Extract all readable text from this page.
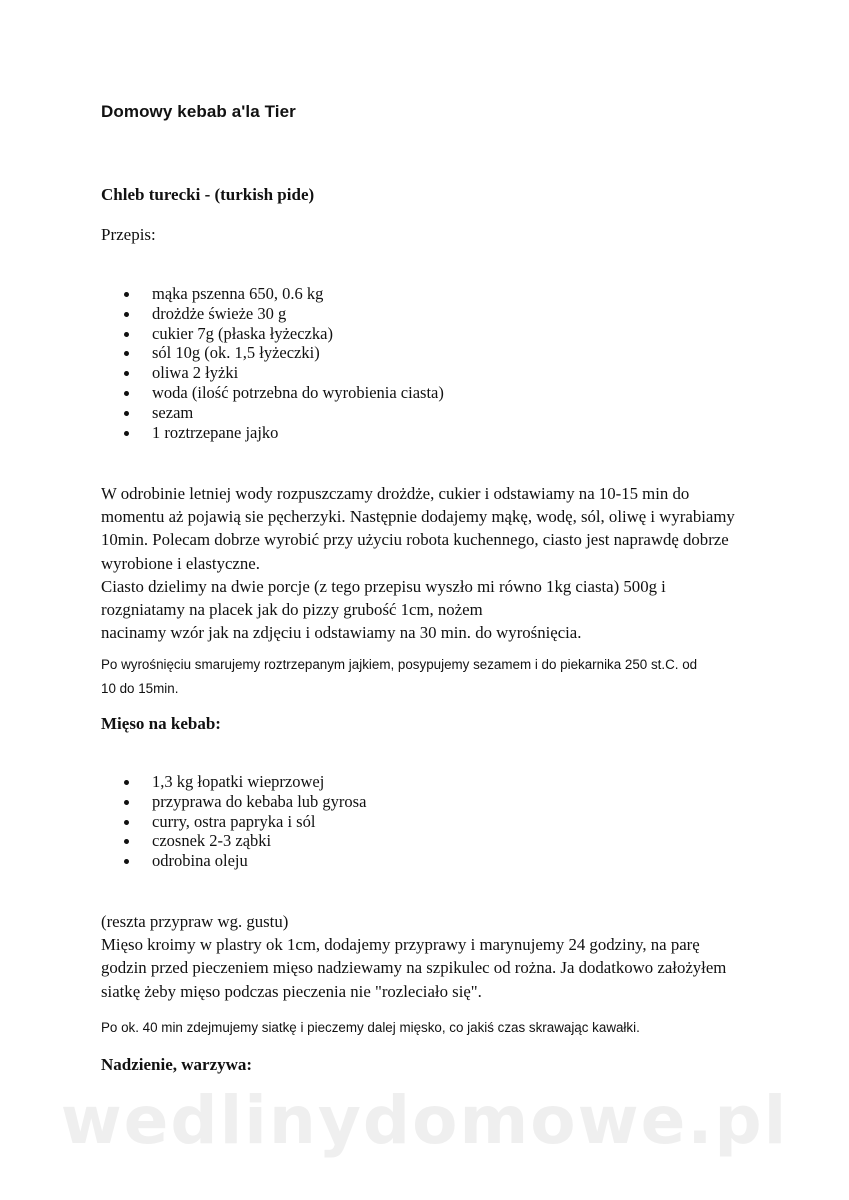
Domowy kebab a'la Tier
Chleb turecki - (turkish pide)

Przepis:

mąka pszenna 650, 0.6 kg
drożdże świeże 30 g
cukier 7g (płaska łyżeczka)
sól 10g (ok. 1,5 łyżeczki)
oliwa 2 łyżki
woda (ilość potrzebna do wyrobienia ciasta)
sezam
1 roztrzepane jajko

W odrobinie letniej wody rozpuszczamy drożdże, cukier i odstawiamy na 10-15 min do
momentu aż pojawią sie pęcherzyki. Następnie dodajemy mąkę, wodę, sól, oliwę i wyrabiamy
10min. Polecam dobrze wyrobić przy użyciu robota kuchennego, ciasto jest naprawdę dobrze
wyrobione i elastyczne.
Ciasto dzielimy na dwie porcje (z tego przepisu wyszło mi równo 1kg ciasta) 500g i
rozgniatamy na placek jak do pizzy grubość 1cm, nożem
nacinamy wzór jak na zdjęciu i odstawiamy na 30 min. do wyrośnięcia.

Po wyrośnięciu smarujemy roztrzepanym jajkiem, posypujemy sezamem i do piekarnika 250 st.C. od
10 do 15min.

Mięso na kebab:
1,3 kg łopatki wieprzowej
przyprawa do kebaba lub gyrosa
curry, ostra papryka i sól
czosnek 2-3 ząbki
odrobina oleju

(reszta przypraw wg. gustu)
Mięso kroimy w plastry ok 1cm, dodajemy przyprawy i marynujemy 24 godziny, na parę
godzin przed pieczeniem mięso nadziewamy na szpikulec od rożna. Ja dodatkowo założyłem
siatkę żeby mięso podczas pieczenia nie "rozleciało się".

Po ok. 40 min zdejmujemy siatkę i pieczemy dalej mięsko, co jakiś czas skrawając kawałki.

Nadzienie, warzywa:

wedlinydomowe.pl
